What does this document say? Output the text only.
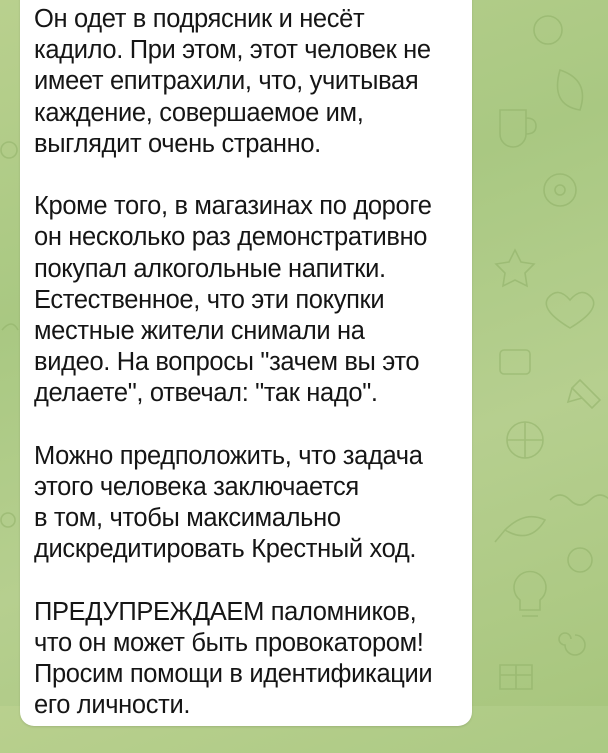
Он одет в подрясник и несёт
кадило. При этом, этот человек не
имеет епитрахили, что, учитывая
каждение, совершаемое им,
выглядит очень странно.

Кроме того, в магазинах по дороге
он несколько раз демонстративно
покупал алкогольные напитки.
Естественное, что эти покупки
местные жители снимали на
видео. На вопросы "зачем вы это
делаете", отвечал: "так надо".

Можно предположить, что задача
этого человека заключается
в том, чтобы максимально
дискредитировать Крестный ход.

ПРЕДУПРЕЖДАЕМ паломников,
что он может быть провокатором!
Просим помощи в идентификации
его личности.
